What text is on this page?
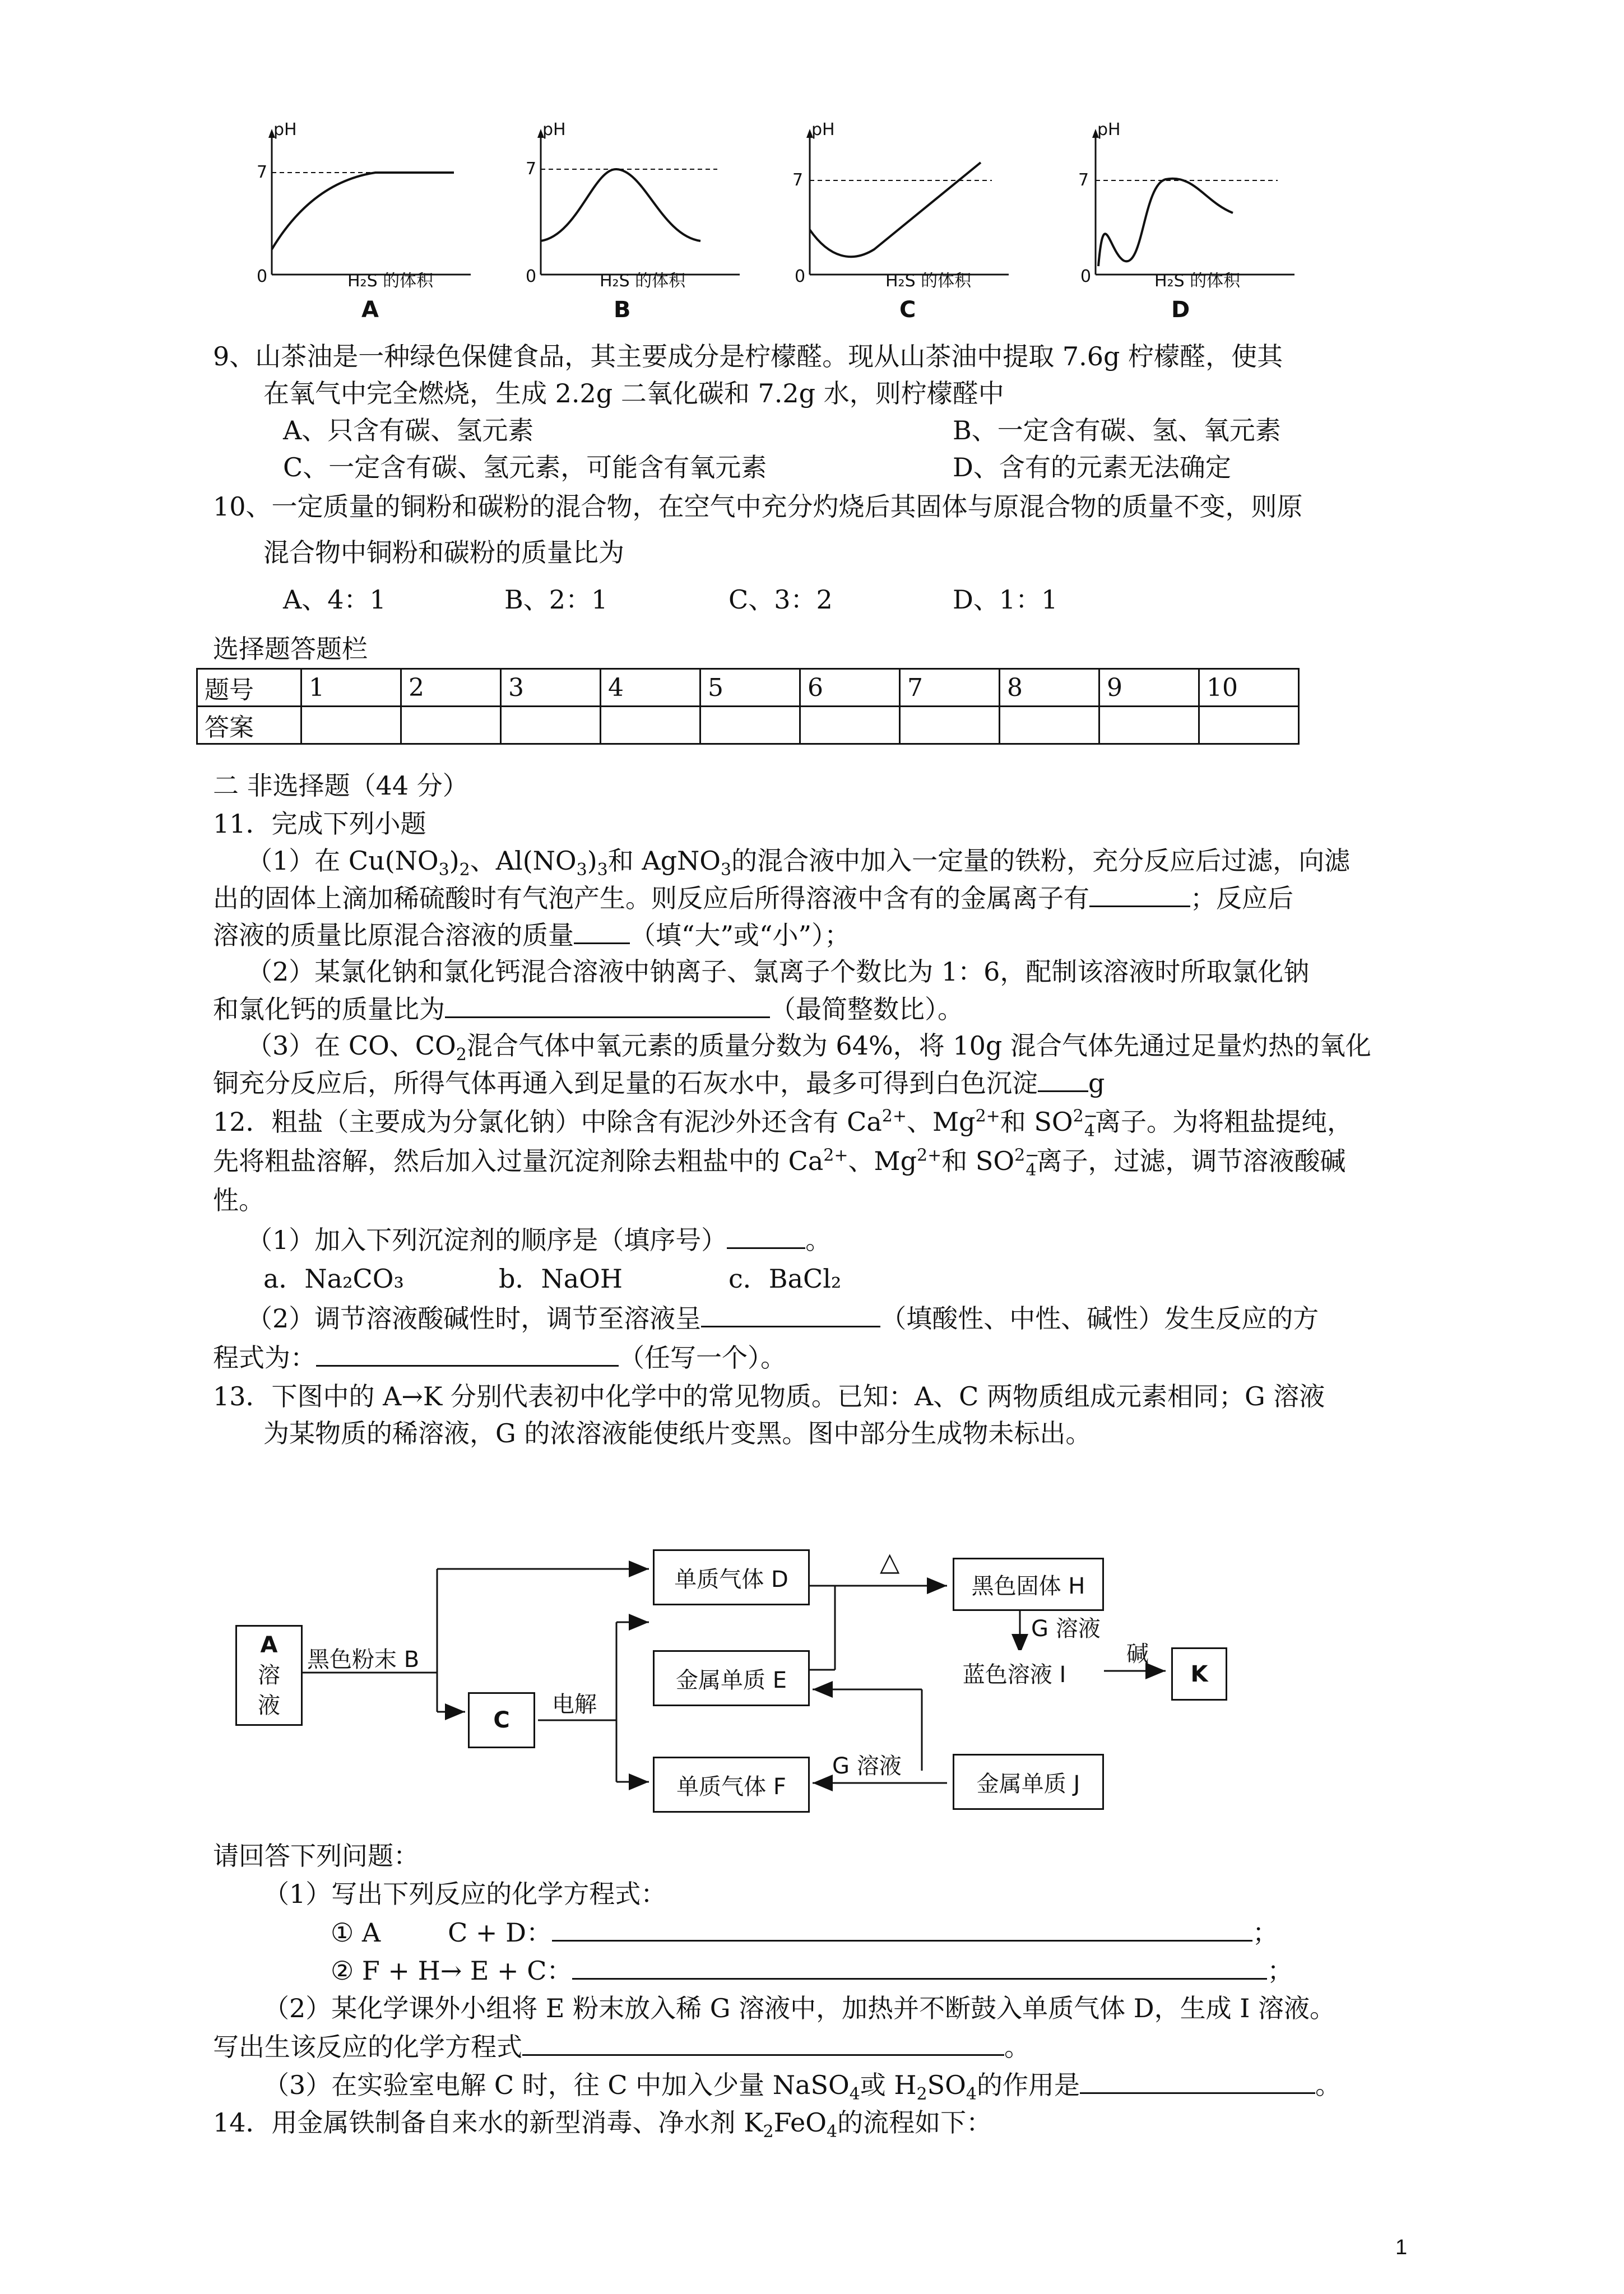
pH
7
0	H₂S 的体积
A
pH
7
0	H₂S 的体积
B
pH
7
0	H₂S 的体积
C
pH
7
0	H₂S 的体积
D
9、山茶油是一种绿色保健食品，其主要成分是柠檬醛。现从山茶油中提取 7.6g 柠檬醛，使其
在氧气中完全燃烧，生成 2.2g 二氧化碳和 7.2g 水，则柠檬醛中
A、只含有碳、氢元素	B、一定含有碳、氢、氧元素
C、一定含有碳、氢元素，可能含有氧元素	D、含有的元素无法确定
10、一定质量的铜粉和碳粉的混合物，在空气中充分灼烧后其固体与原混合物的质量不变，则原
混合物中铜粉和碳粉的质量比为
A、4：1	B、2：1	C、3：2	D、1：1
选择题答题栏
题号	1	2	3	4	5	6	7	8	9	10
答案										
二 非选择题（44 分）
11．完成下列小题
（1）在 $Cu(NO_3)_2$、$Al(NO_3)_3$和 AgNO$_3$的混合液中加入一定量的铁粉，充分反应后过滤，向滤
出的固体上滴加稀硫酸时有气泡产生。则反应后所得溶液中含有的金属离子有	；反应后
溶液的质量比原混合溶液的质量 （填“大”或“小”）；
（2）某氯化钠和氯化钙混合溶液中钠离子、氯离子个数比为 1：6，配制该溶液时所取氯化钠
和氯化钙的质量比为	（最简整数比）。
（3）在 CO、$CO_2$混合气体中氧元素的质量分数为 64%，将 10g 混合气体先通过足量灼热的氧化
铜充分反应后，所得气体再通入到足量的石灰水中，最多可得到白色沉淀 g
12．粗盐（主要成为分氯化钠）中除含有泥沙外还含有 $Ca^{2+}$、$Mg^{2+}$和 $SO^{2-}_4$离子。为将粗盐提纯，
先将粗盐溶解，然后加入过量沉淀剂除去粗盐中的 $Ca^{2+}$、$Mg^{2+}$和 $SO^{2-}_4$离子，过滤，调节溶液酸碱
性。
（1）加入下列沉淀剂的顺序是（填序号）	。
a．Na₂CO₃	b．NaOH	c．BaCl₂
（2）调节溶液酸碱性时，调节至溶液呈	（填酸性、中性、碱性）发生反应的方
程式为：	（任写一个）。
13．下图中的 A→K 分别代表初中化学中的常见物质。已知：A、C 两物质组成元素相同；G 溶液
为某物质的稀溶液，G 的浓溶液能使纸片变黑。图中部分生成物未标出。
A
溶
液
黑色粉末 B
C
电解
单质气体 D
金属单质 E
单质气体 F
△
黑色固体 H
G 溶液
蓝色溶液 I
碱
K
G 溶液
金属单质 J
请回答下列问题：
（1）写出下列反应的化学方程式：
① A	C + D：	；
② F + H→ E + C：	；
（2）某化学课外小组将 E 粉末放入稀 G 溶液中，加热并不断鼓入单质气体 D，生成 I 溶液。
写出生该反应的化学方程式	。
（3）在实验室电解 C 时，往 C 中加入少量 NaSO$_4$或 $H_2SO_4$的作用是	。
14．用金属铁制备自来水的新型消毒、净水剂 $K_2FeO_4$的流程如下：
1
